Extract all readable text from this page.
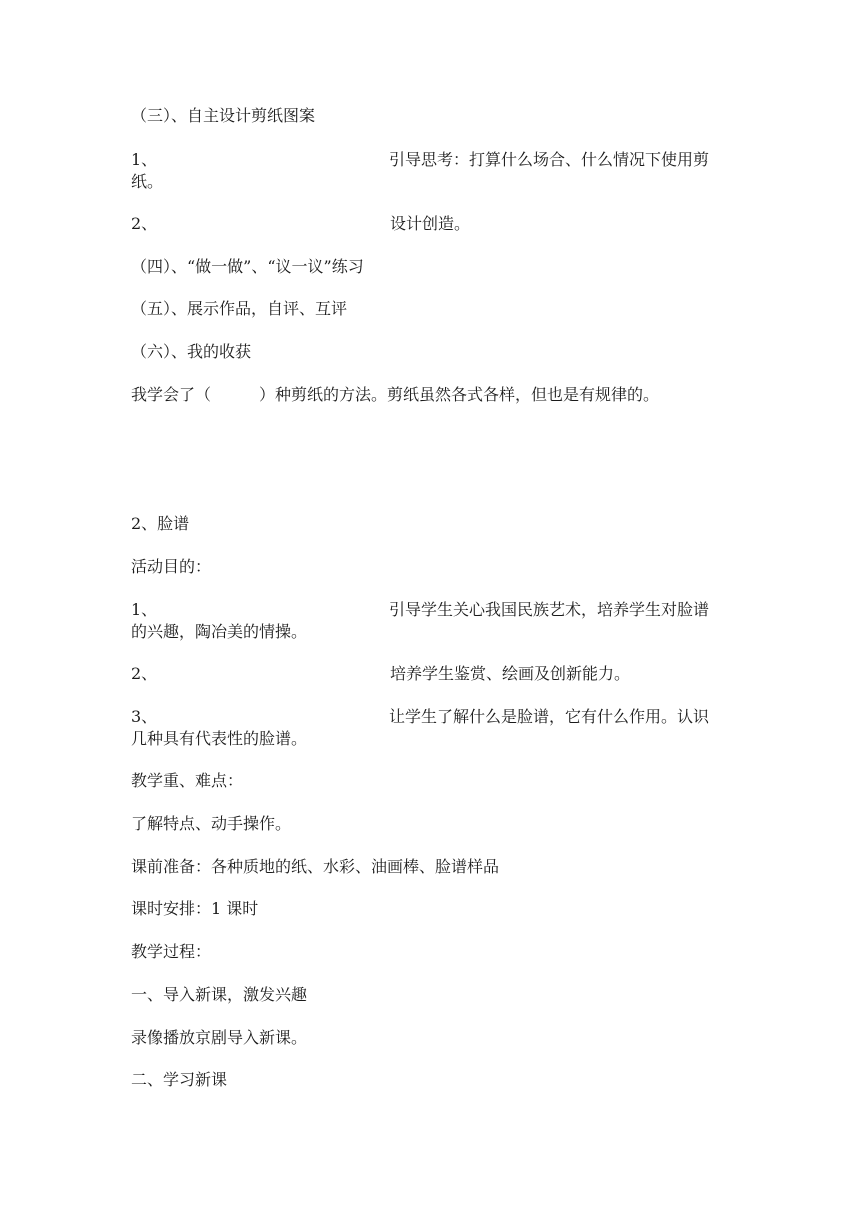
（三）、自主设计剪纸图案
1、	引导思考：打算什么场合、什么情况下使用剪
纸。
2、	设计创造。
（四）、“做一做”、“议一议”练习
（五）、展示作品，自评、互评
（六）、我的收获
我学会了（　　　）种剪纸的方法。剪纸虽然各式各样，但也是有规律的。
2、脸谱
活动目的：
1、	引导学生关心我国民族艺术，培养学生对脸谱
的兴趣，陶冶美的情操。
2、	培养学生鉴赏、绘画及创新能力。
3、	让学生了解什么是脸谱，它有什么作用。认识
几种具有代表性的脸谱。
教学重、难点：
了解特点、动手操作。
课前准备：各种质地的纸、水彩、油画棒、脸谱样品
课时安排：1 课时
教学过程：
一、导入新课，激发兴趣
录像播放京剧导入新课。
二、学习新课
